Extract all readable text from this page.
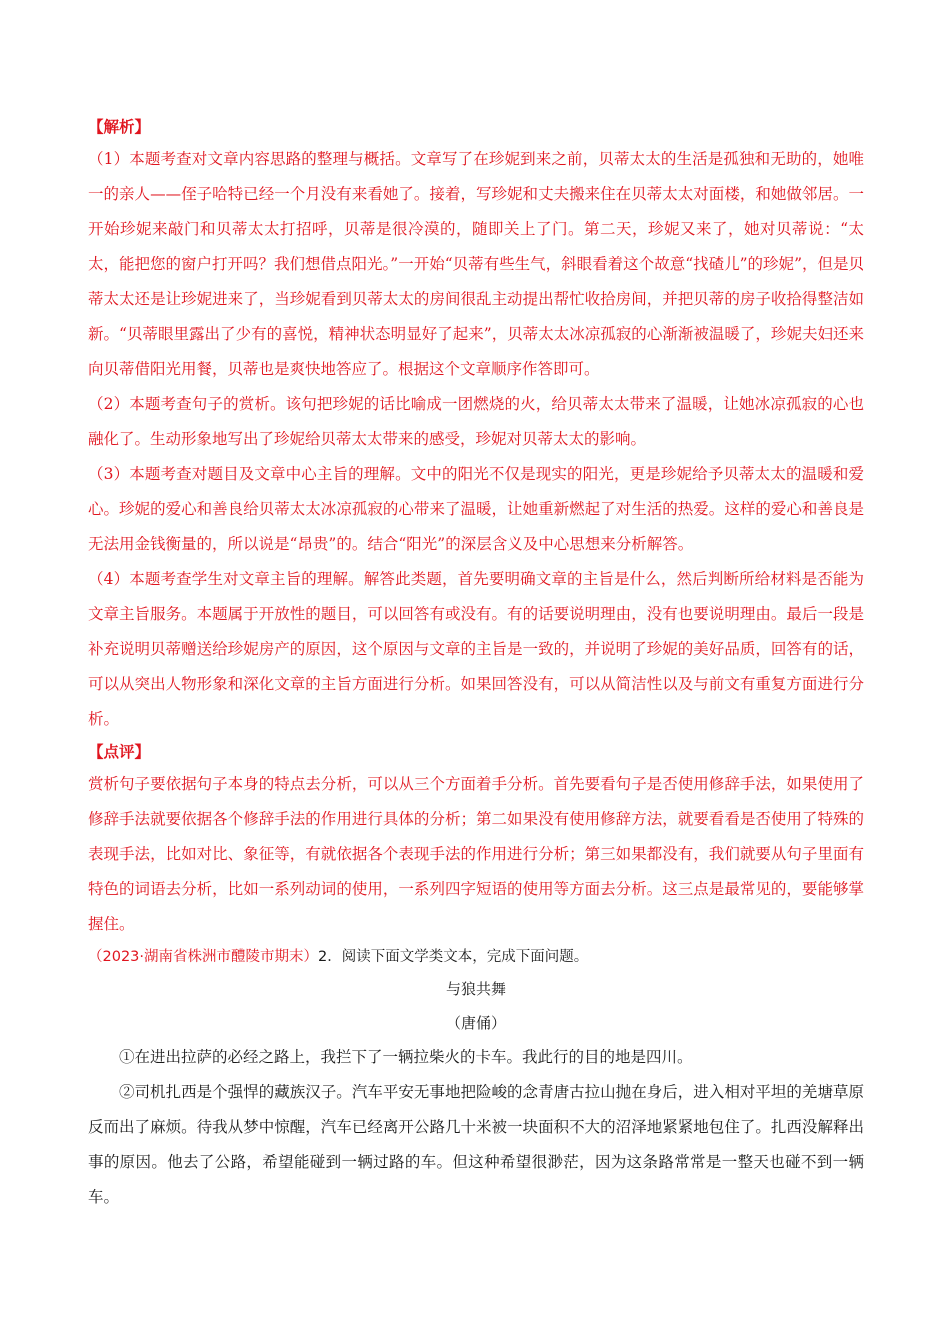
【解析】

（1）本题考查对文章内容思路的整理与概括。文章写了在珍妮到来之前，贝蒂太太的生活是孤独和无助的，她唯一的亲人——侄子哈特已经一个月没有来看她了。接着，写珍妮和丈夫搬来住在贝蒂太太对面楼，和她做邻居。一开始珍妮来敲门和贝蒂太太打招呼，贝蒂是很冷漠的，随即关上了门。第二天，珍妮又来了，她对贝蒂说：“太太，能把您的窗户打开吗？我们想借点阳光。”一开始“贝蒂有些生气，斜眼看着这个故意“找碴儿”的珍妮”，但是贝蒂太太还是让珍妮进来了，当珍妮看到贝蒂太太的房间很乱主动提出帮忙收拾房间，并把贝蒂的房子收拾得整洁如新。“贝蒂眼里露出了少有的喜悦，精神状态明显好了起来”，贝蒂太太冰凉孤寂的心渐渐被温暖了，珍妮夫妇还来向贝蒂借阳光用餐，贝蒂也是爽快地答应了。根据这个文章顺序作答即可。

（2）本题考查句子的赏析。该句把珍妮的话比喻成一团燃烧的火，给贝蒂太太带来了温暖，让她冰凉孤寂的心也融化了。生动形象地写出了珍妮给贝蒂太太带来的感受，珍妮对贝蒂太太的影响。

（3）本题考查对题目及文章中心主旨的理解。文中的阳光不仅是现实的阳光，更是珍妮给予贝蒂太太的温暖和爱心。珍妮的爱心和善良给贝蒂太太冰凉孤寂的心带来了温暖，让她重新燃起了对生活的热爱。这样的爱心和善良是无法用金钱衡量的，所以说是“昂贵”的。结合“阳光”的深层含义及中心思想来分析解答。

（4）本题考查学生对文章主旨的理解。解答此类题，首先要明确文章的主旨是什么，然后判断所给材料是否能为文章主旨服务。本题属于开放性的题目，可以回答有或没有。有的话要说明理由，没有也要说明理由。最后一段是补充说明贝蒂赠送给珍妮房产的原因，这个原因与文章的主旨是一致的，并说明了珍妮的美好品质，回答有的话，可以从突出人物形象和深化文章的主旨方面进行分析。如果回答没有，可以从简洁性以及与前文有重复方面进行分析。

【点评】

赏析句子要依据句子本身的特点去分析，可以从三个方面着手分析。首先要看句子是否使用修辞手法，如果使用了修辞手法就要依据各个修辞手法的作用进行具体的分析；第二如果没有使用修辞方法，就要看看是否使用了特殊的表现手法，比如对比、象征等，有就依据各个表现手法的作用进行分析；第三如果都没有，我们就要从句子里面有特色的词语去分析，比如一系列动词的使用，一系列四字短语的使用等方面去分析。这三点是最常见的，要能够掌握住。

（2023·湖南省株洲市醴陵市期末）2．阅读下面文学类文本，完成下面问题。

与狼共舞

（唐俑）

①在进出拉萨的必经之路上，我拦下了一辆拉柴火的卡车。我此行的目的地是四川。

②司机扎西是个强悍的藏族汉子。汽车平安无事地把险峻的念青唐古拉山抛在身后，进入相对平坦的羌塘草原反而出了麻烦。待我从梦中惊醒，汽车已经离开公路几十米被一块面积不大的沼泽地紧紧地包住了。扎西没解释出事的原因。他去了公路，希望能碰到一辆过路的车。但这种希望很渺茫，因为这条路常常是一整天也碰不到一辆车。
